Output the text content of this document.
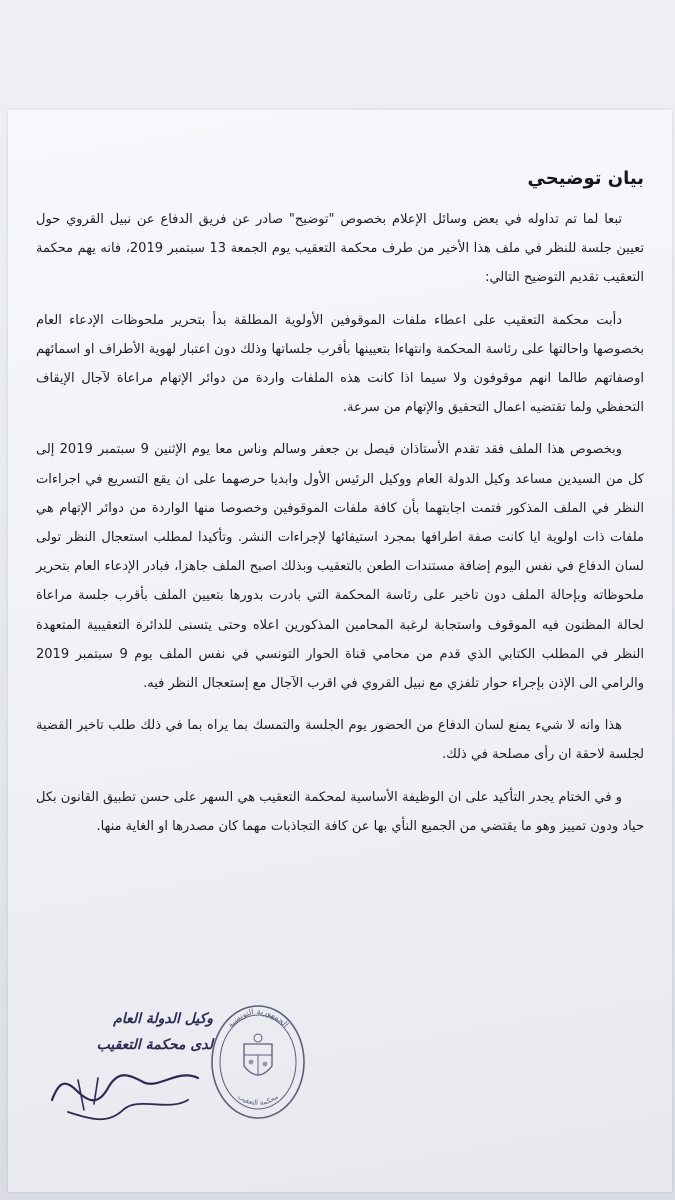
بيان توضيحي

تبعا لما تم تداوله في بعض وسائل الإعلام بخصوص "توضيح" صادر عن فريق الدفاع عن نبيل القروي حول تعيين جلسة للنظر في ملف هذا الأخير من طرف محكمة التعقيب يوم الجمعة 13 سبتمبر 2019، فانه يهم محكمة التعقيب تقديم التوضيح التالي:

دأبت محكمة التعقيب على اعطاء ملفات الموقوفين الأولوية المطلقة بدأ بتحرير ملحوظات الإدعاء العام بخصوصها واحالتها على رئاسة المحكمة وانتهاءا بتعيينها بأقرب جلساتها وذلك دون اعتبار لهوية الأطراف او اسمائهم اوصفاتهم طالما انهم موقوفون ولا سيما اذا كانت هذه الملفات واردة من دوائر الإتهام مراعاة لآجال الإيقاف التحفظي ولما تقتضيه اعمال التحقيق والإتهام من سرعة.

وبخصوص هذا الملف فقد تقدم الأستاذان فيصل بن جعفر وسالم وناس معا يوم الإثنين 9 سبتمبر 2019 إلى كل من السيدين مساعد وكيل الدولة العام ووكيل الرئيس الأول وابديا حرصهما على ان يقع التسريع في اجراءات النظر في الملف المذكور فتمت اجابتهما بأن كافة ملفات الموقوفين وخصوصا منها الواردة من دوائر الإتهام هي ملفات ذات اولوية ايا كانت صفة اطرافها بمجرد استيفائها لإجراءات النشر. وتأكيدا لمطلب استعجال النظر تولى لسان الدفاع في نفس اليوم إضافة مستندات الطعن بالتعقيب وبذلك اصبح الملف جاهزا، فبادر الإدعاء العام بتحرير ملحوظاته وبإحالة الملف دون تاخير على رئاسة المحكمة التي بادرت بدورها بتعيين الملف بأقرب جلسة مراعاة لحالة المظنون فيه الموقوف واستجابة لرغبة المحامين المذكورين اعلاه وحتى يتسنى للدائرة التعقيبية المتعهدة النظر في المطلب الكتابي الذي قدم من محامي قناة الحوار التونسي في نفس الملف يوم 9 سبتمبر 2019 والرامي الى الإذن بإجراء حوار تلفزي مع نبيل القروي في اقرب الآجال مع إستعجال النظر فيه.

هذا وانه لا شيء يمنع لسان الدفاع من الحضور يوم الجلسة والتمسك بما يراه بما في ذلك طلب تاخير القضية لجلسة لاحقة ان رأى مصلحة في ذلك.

و في الختام يجدر التأكيد على ان الوظيفة الأساسية لمحكمة التعقيب هي السهر على حسن تطبيق القانون بكل حياد ودون تمييز وهو ما يقتضي من الجميع النأي بها عن كافة التجاذبات مهما كان مصدرها او الغاية منها.

وكيل الدولة العام
لدى محكمة التعقيب
الجمهورية التونسية
محكمة التعقيب
